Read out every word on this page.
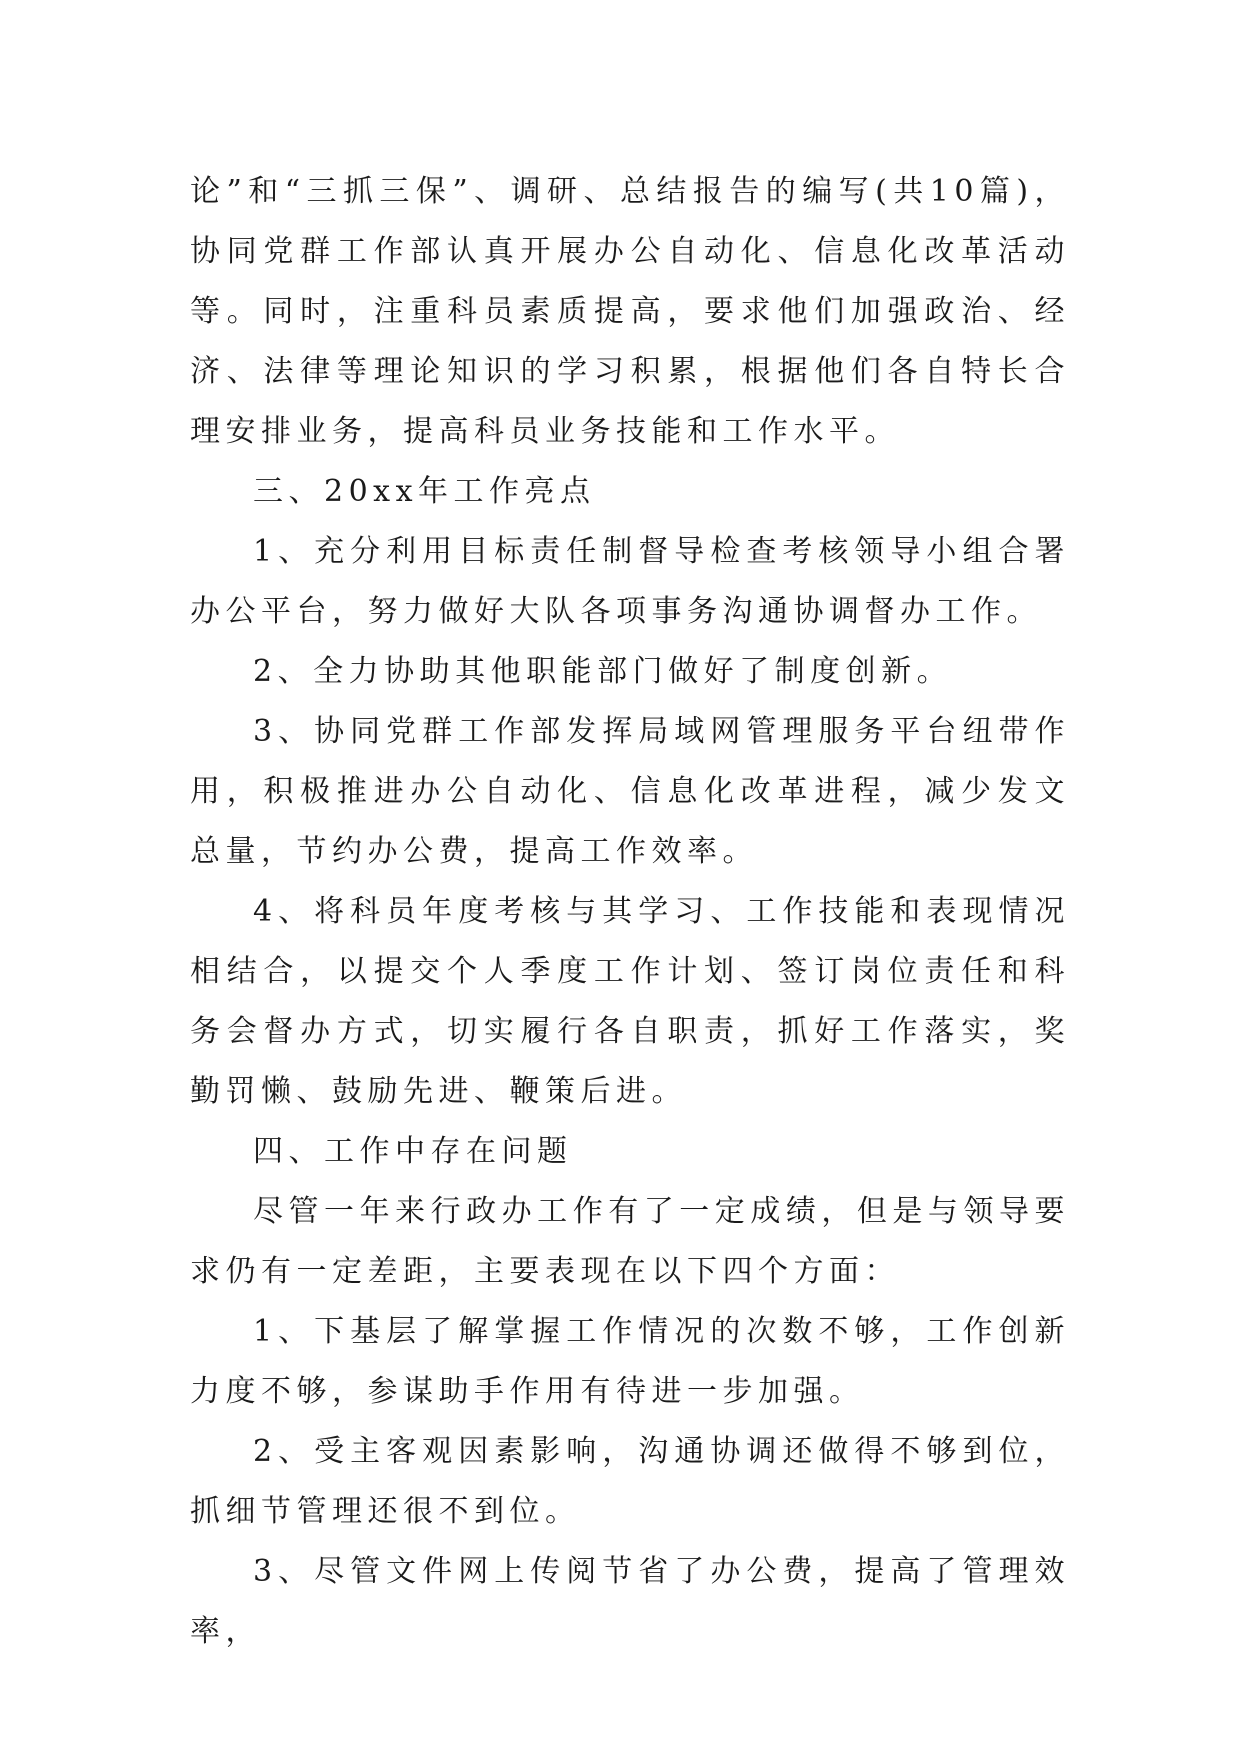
论”和“三抓三保”、调研、总结报告的编写(共10篇)，协同党群工作部认真开展办公自动化、信息化改革活动等。同时，注重科员素质提高，要求他们加强政治、经济、法律等理论知识的学习积累，根据他们各自特长合理安排业务，提高科员业务技能和工作水平。

三、20xx年工作亮点

1、充分利用目标责任制督导检查考核领导小组合署办公平台，努力做好大队各项事务沟通协调督办工作。

2、全力协助其他职能部门做好了制度创新。

3、协同党群工作部发挥局域网管理服务平台纽带作用，积极推进办公自动化、信息化改革进程，减少发文总量，节约办公费，提高工作效率。

4、将科员年度考核与其学习、工作技能和表现情况相结合，以提交个人季度工作计划、签订岗位责任和科务会督办方式，切实履行各自职责，抓好工作落实，奖勤罚懒、鼓励先进、鞭策后进。

四、工作中存在问题

尽管一年来行政办工作有了一定成绩，但是与领导要求仍有一定差距，主要表现在以下四个方面：

1、下基层了解掌握工作情况的次数不够，工作创新力度不够，参谋助手作用有待进一步加强。

2、受主客观因素影响，沟通协调还做得不够到位，抓细节管理还很不到位。

3、尽管文件网上传阅节省了办公费，提高了管理效率，
